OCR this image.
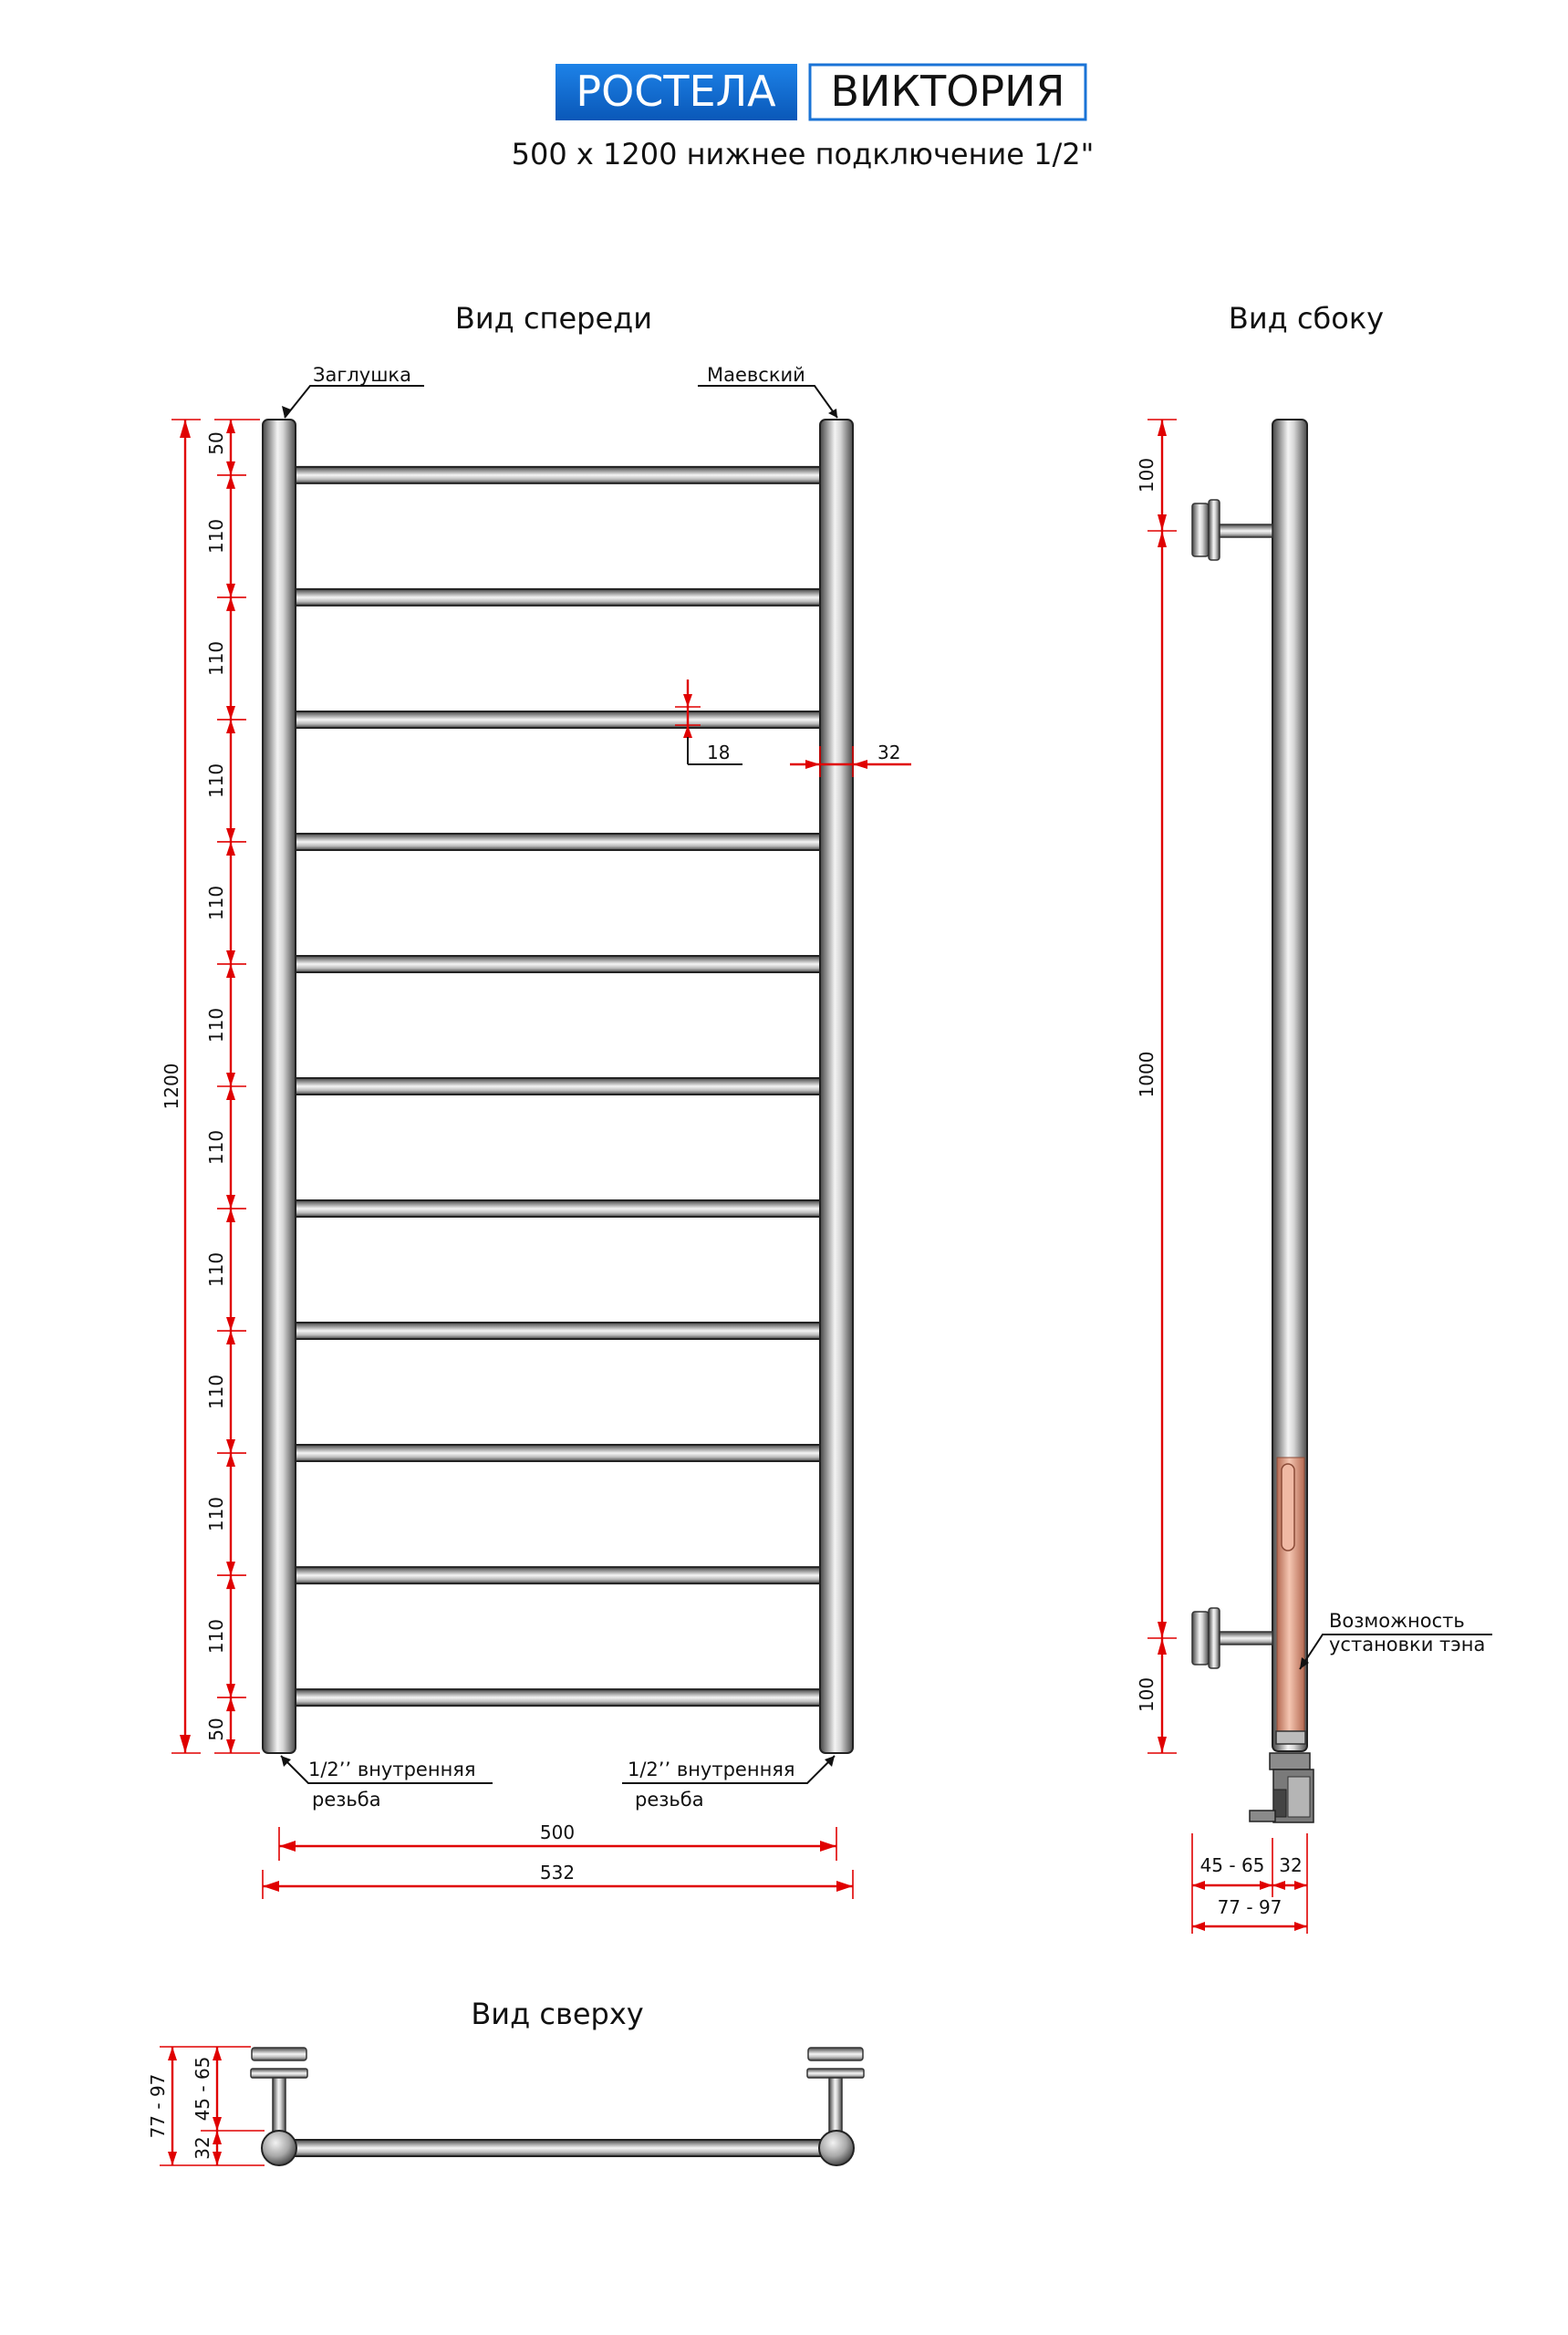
РОСТЕЛА ВИКТОРИЯ
500 х 1200 нижнее подключение 1/2"
Вид спереди
Заглушка	Маевский
1/2’’ внутренняя
резьба
1/2’’ внутренняя
резьба
1200
50
50
110
110
110
110
110
110
110
110
110
110
18	32
500
532
Вид сбоку
Возможность
установки тэна
100
1000
100
45 - 65 32
77 - 97
Вид сверху
77 - 97 45 - 65
32
